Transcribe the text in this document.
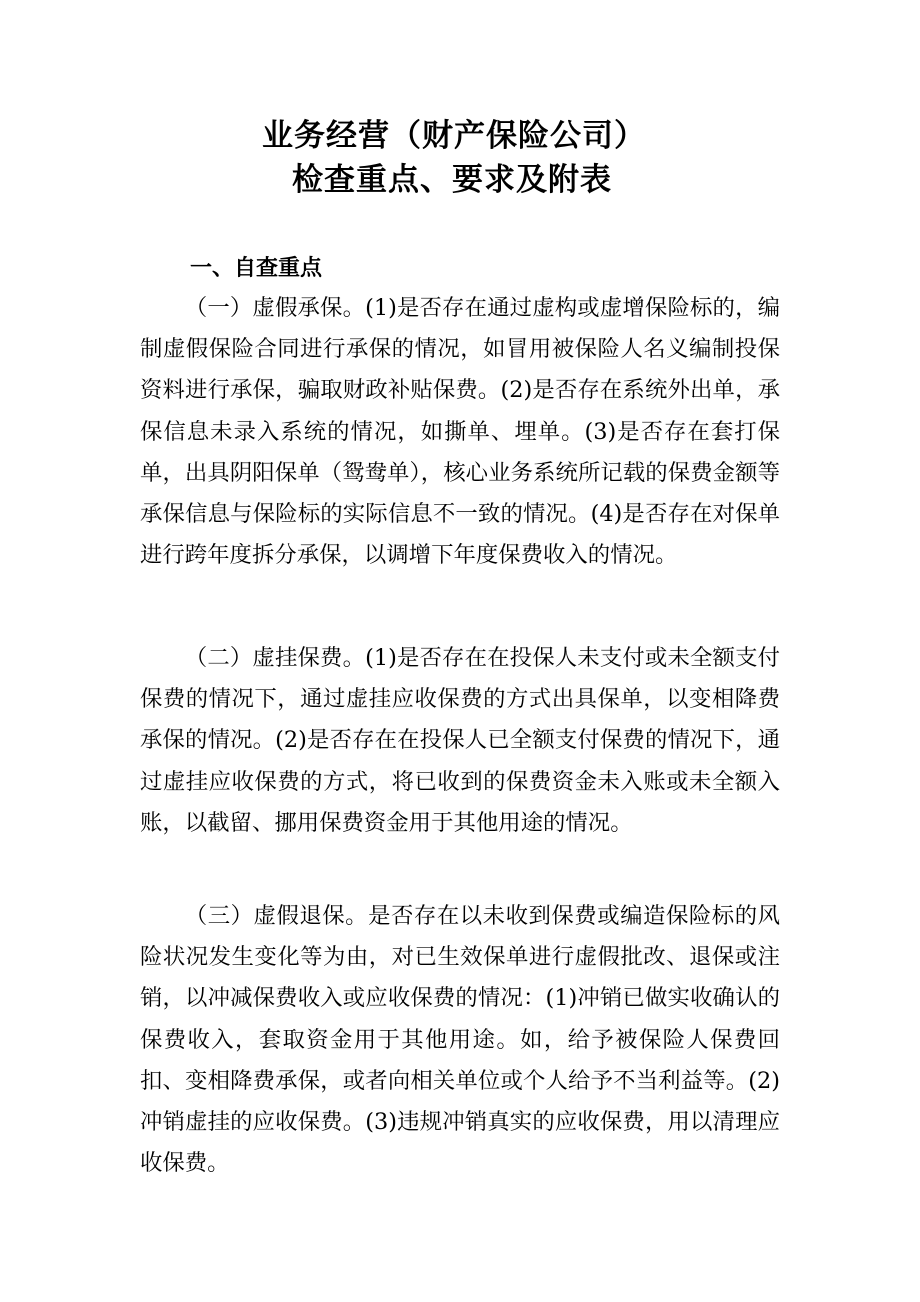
业务经营（财产保险公司）
检查重点、要求及附表
一、自查重点

（一）虚假承保。(1)是否存在通过虚构或虚增保险标的，编制虚假保险合同进行承保的情况，如冒用被保险人名义编制投保资料进行承保，骗取财政补贴保费。(2)是否存在系统外出单，承保信息未录入系统的情况，如撕单、埋单。(3)是否存在套打保单，出具阴阳保单（鸳鸯单），核心业务系统所记载的保费金额等承保信息与保险标的实际信息不一致的情况。(4)是否存在对保单进行跨年度拆分承保，以调增下年度保费收入的情况。

（二）虚挂保费。(1)是否存在在投保人未支付或未全额支付保费的情况下，通过虚挂应收保费的方式出具保单，以变相降费承保的情况。(2)是否存在在投保人已全额支付保费的情况下，通过虚挂应收保费的方式，将已收到的保费资金未入账或未全额入账，以截留、挪用保费资金用于其他用途的情况。

（三）虚假退保。是否存在以未收到保费或编造保险标的风险状况发生变化等为由，对已生效保单进行虚假批改、退保或注销，以冲减保费收入或应收保费的情况：(1)冲销已做实收确认的保费收入，套取资金用于其他用途。如，给予被保险人保费回扣、变相降费承保，或者向相关单位或个人给予不当利益等。(2)冲销虚挂的应收保费。(3)违规冲销真实的应收保费，用以清理应收保费。
